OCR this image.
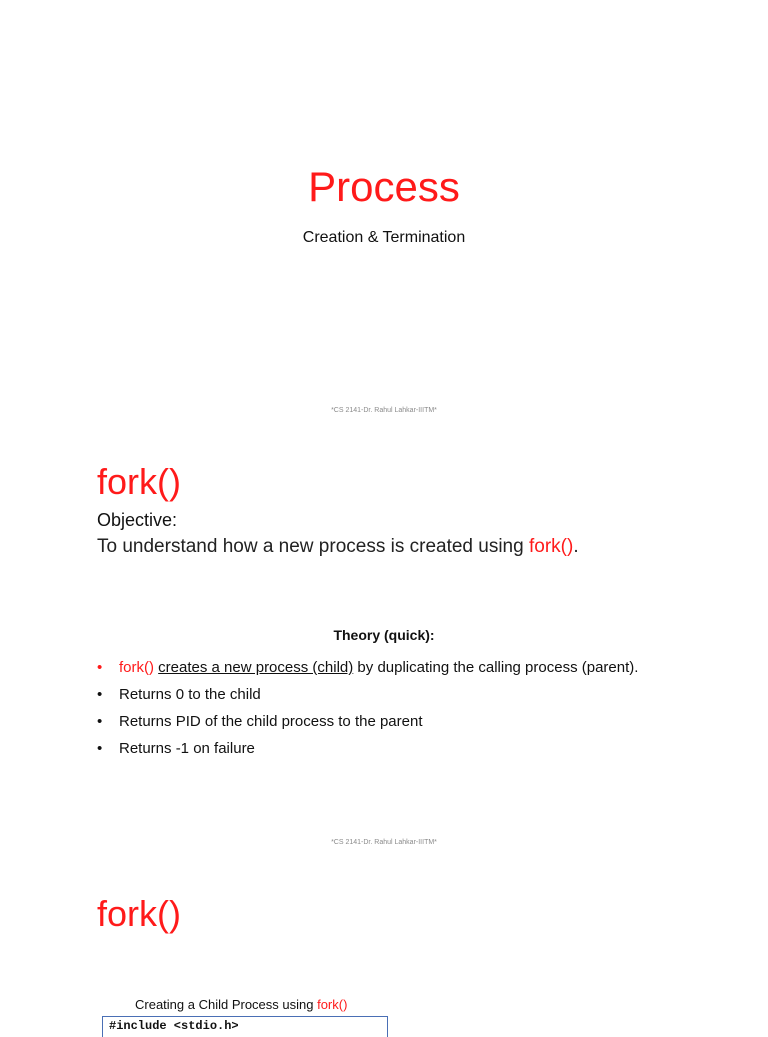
Process
Creation & Termination
*CS 2141-Dr. Rahul Lahkar-IIITM*
fork()
Objective:
To understand how a new process is created using fork().
Theory (quick):
• fork() creates a new process (child) by duplicating the calling process (parent).
• Returns 0 to the child
• Returns PID of the child process to the parent
• Returns -1 on failure
*CS 2141-Dr. Rahul Lahkar-IIITM*
fork()
Creating a Child Process using fork()
#include <stdio.h>
